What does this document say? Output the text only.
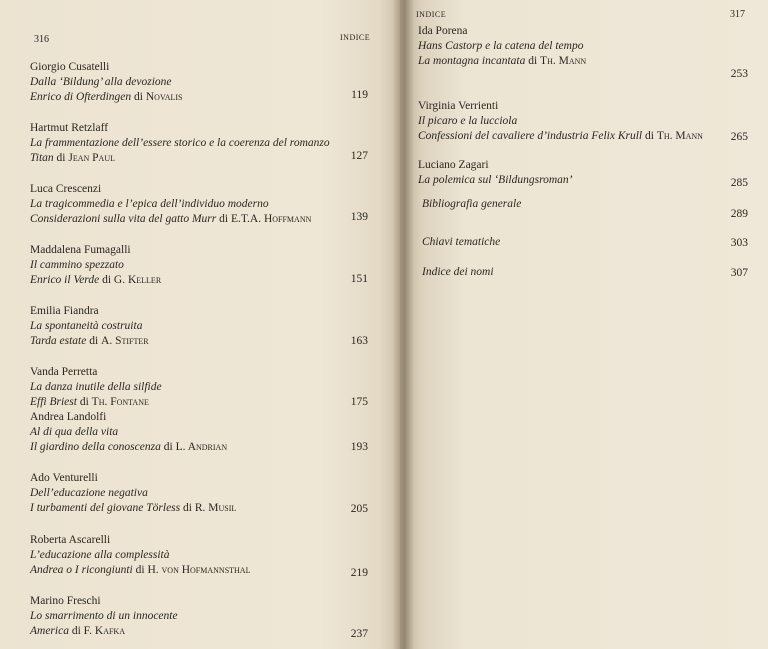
316	INDICE
Giorgio Cusatelli
Dalla ‘Bildung’ alla devozione
Enrico di Ofterdingen di Novalis	119
Hartmut Retzlaff
La frammentazione dell’essere storico e la coerenza del romanzo
Titan di Jean Paul	127
Luca Crescenzi
La tragicommedia e l’epica dell’individuo moderno
Considerazioni sulla vita del gatto Murr di E.T.A. Hoffmann	139
Maddalena Fumagalli
Il cammino spezzato
Enrico il Verde di G. Keller	151
Emilia Fiandra
La spontaneità costruita
Tarda estate di A. Stifter	163
Vanda Perretta
La danza inutile della silfide
Effi Briest di Th. Fontane	175
Andrea Landolfi
Al di qua della vita
Il giardino della conoscenza di L. Andrian	193
Ado Venturelli
Dell’educazione negativa
I turbamenti del giovane Törless di R. Musil	205
Roberta Ascarelli
L’educazione alla complessità
Andrea o I ricongiunti di H. von Hofmannsthal	219
Marino Freschi
Lo smarrimento di un innocente
America di F. Kafka	237
INDICE	317
Ida Porena
Hans Castorp e la catena del tempo
La montagna incantata di Th. Mann
253
Virginia Verrienti
Il picaro e la lucciola
Confessioni del cavaliere d’industria Felix Krull di Th. Mann	265
Luciano Zagari
La polemica sul ‘Bildungsroman’	285
Bibliografia generale
289
Chiavi tematiche	303
Indice dei nomi	307
